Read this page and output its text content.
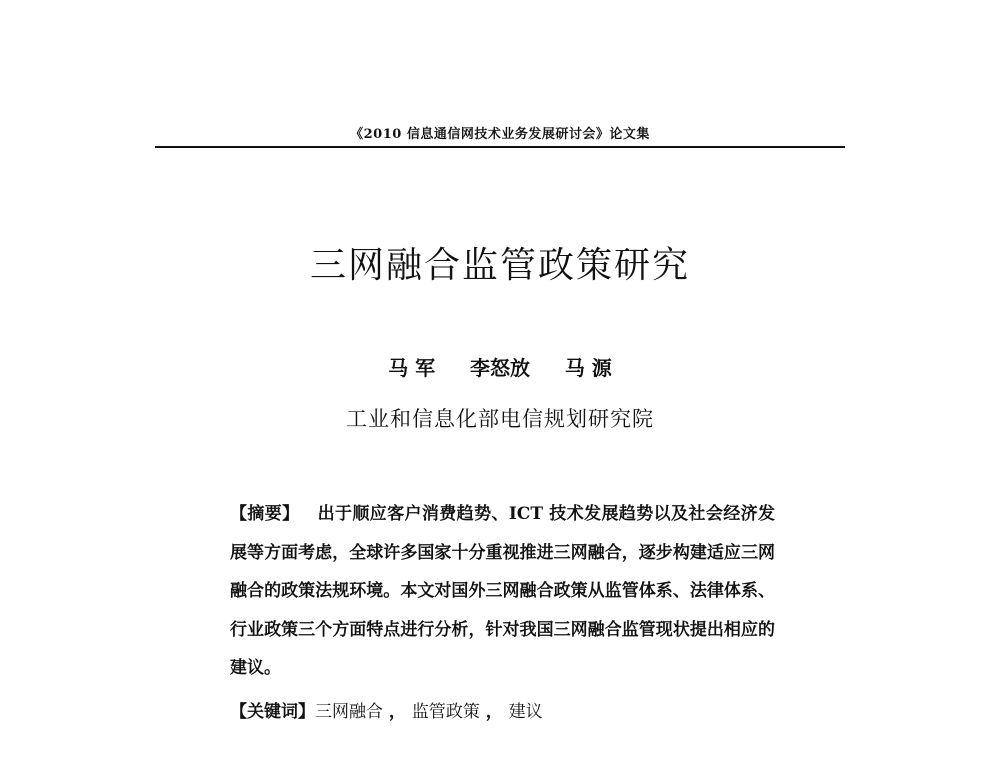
《2010 信息通信网技术业务发展研讨会》论文集
三网融合监管政策研究
马 军 李怒放 马 源
工业和信息化部电信规划研究院

【摘要】 出于顺应客户消费趋势、ICT 技术发展趋势以及社会经济发展等方面考虑，全球许多国家十分重视推进三网融合，逐步构建适应三网融合的政策法规环境。本文对国外三网融合政策从监管体系、法律体系、行业政策三个方面特点进行分析，针对我国三网融合监管现状提出相应的建议。

【关键词】三网融合 ， 监管政策 ， 建议
